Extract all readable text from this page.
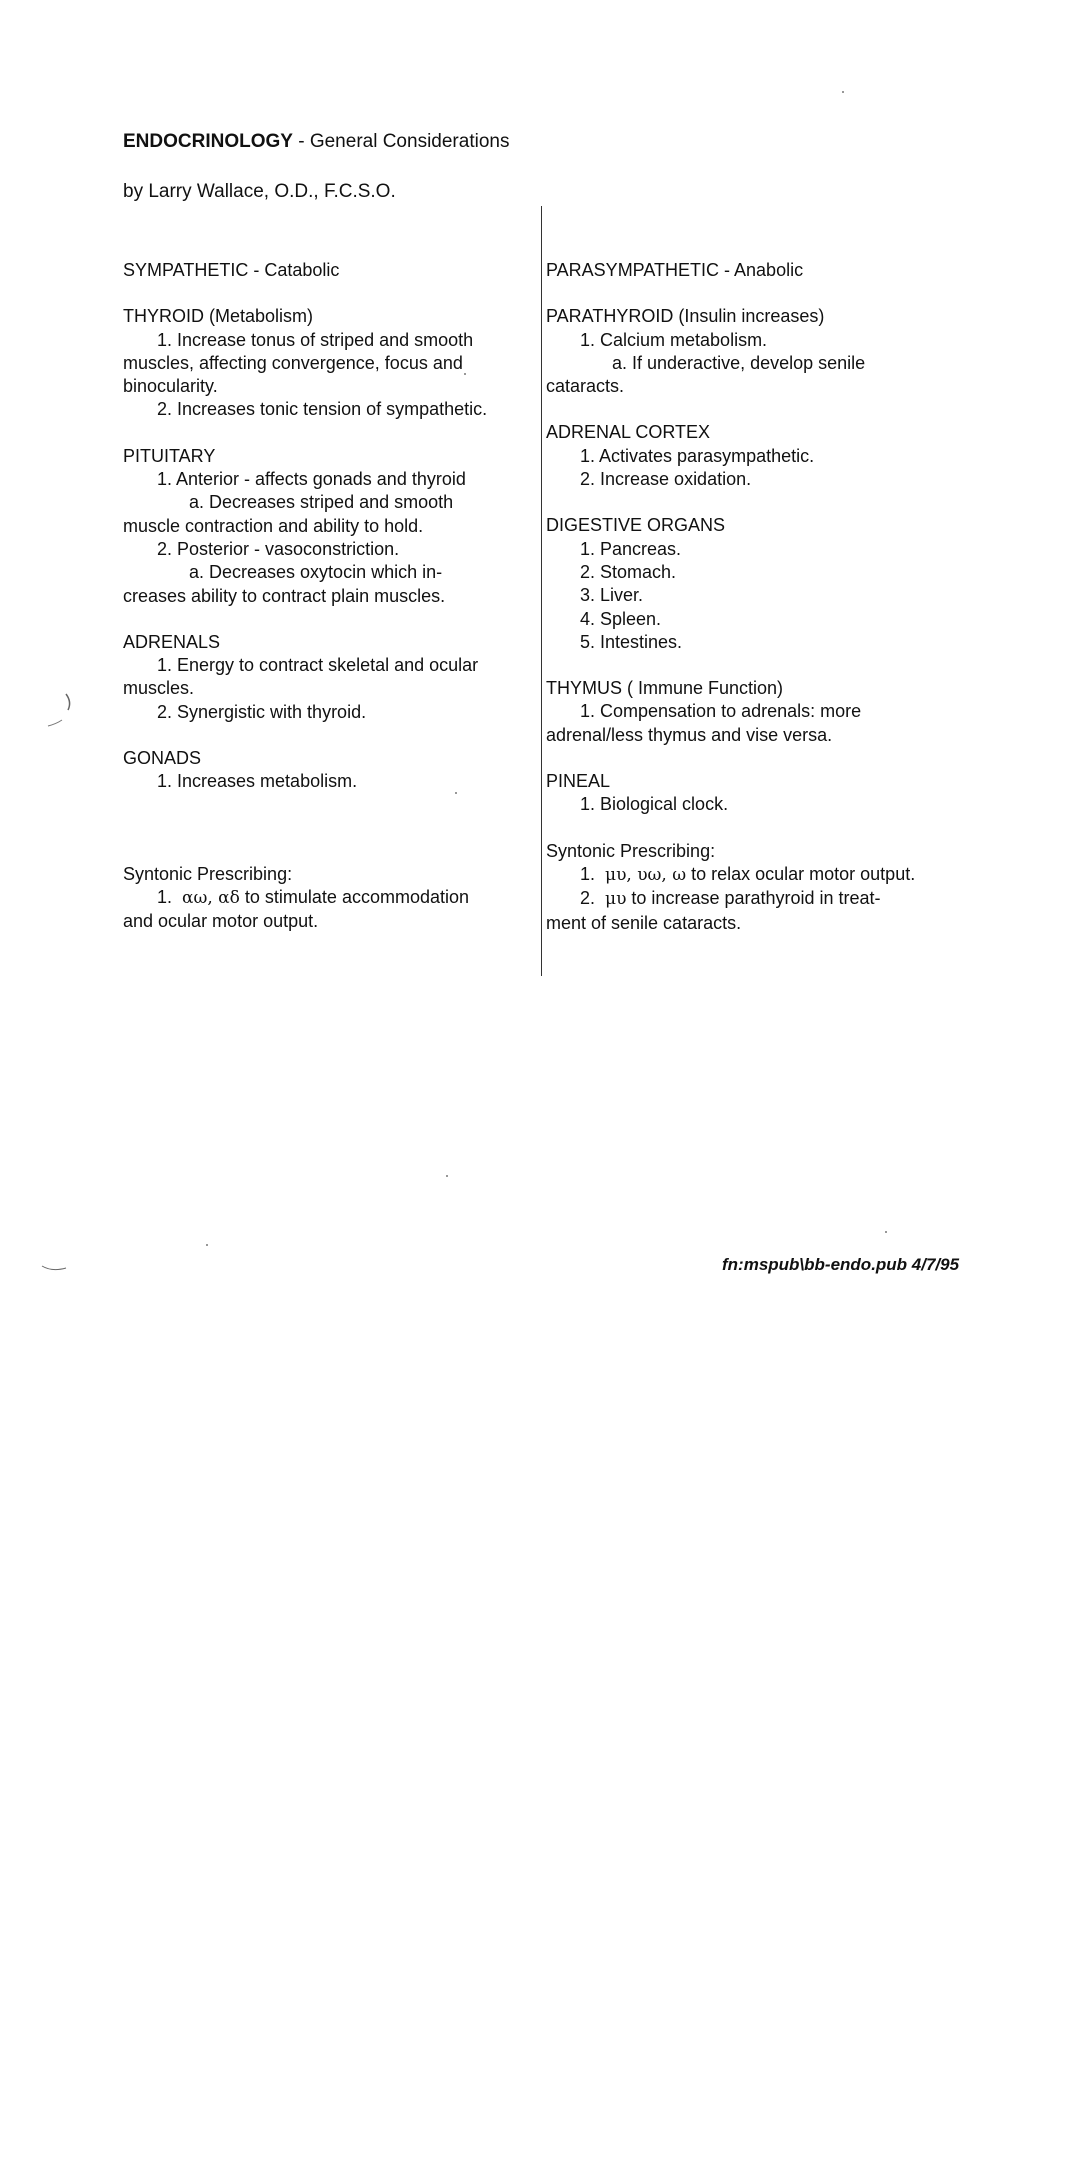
ENDOCRINOLOGY - General Considerations
by Larry Wallace, O.D., F.C.S.O.

SYMPATHETIC - Catabolic

THYROID (Metabolism)

1. Increase tonus of striped and smooth

muscles, affecting convergence, focus and

binocularity.

2. Increases tonic tension of sympathetic.

PITUITARY

1. Anterior - affects gonads and thyroid

a. Decreases striped and smooth

muscle contraction and ability to hold.

2. Posterior - vasoconstriction.

a. Decreases oxytocin which in-

creases ability to contract plain muscles.

ADRENALS

1. Energy to contract skeletal and ocular

muscles.

2. Synergistic with thyroid.

GONADS

1. Increases metabolism.

Syntonic Prescribing:

1. αω, αδ to stimulate accommodation

and ocular motor output.

PARASYMPATHETIC - Anabolic

PARATHYROID (Insulin increases)

1. Calcium metabolism.

a. If underactive, develop senile

cataracts.

ADRENAL CORTEX

1. Activates parasympathetic.

2. Increase oxidation.

DIGESTIVE ORGANS

1. Pancreas.

2. Stomach.

3. Liver.

4. Spleen.

5. Intestines.

THYMUS ( Immune Function)

1. Compensation to adrenals: more

adrenal/less thymus and vise versa.

PINEAL

1. Biological clock.

Syntonic Prescribing:

1. μυ, υω, ω to relax ocular motor output.

2. μυ to increase parathyroid in treat-

ment of senile cataracts.

fn:mspub\bb-endo.pub 4/7/95
